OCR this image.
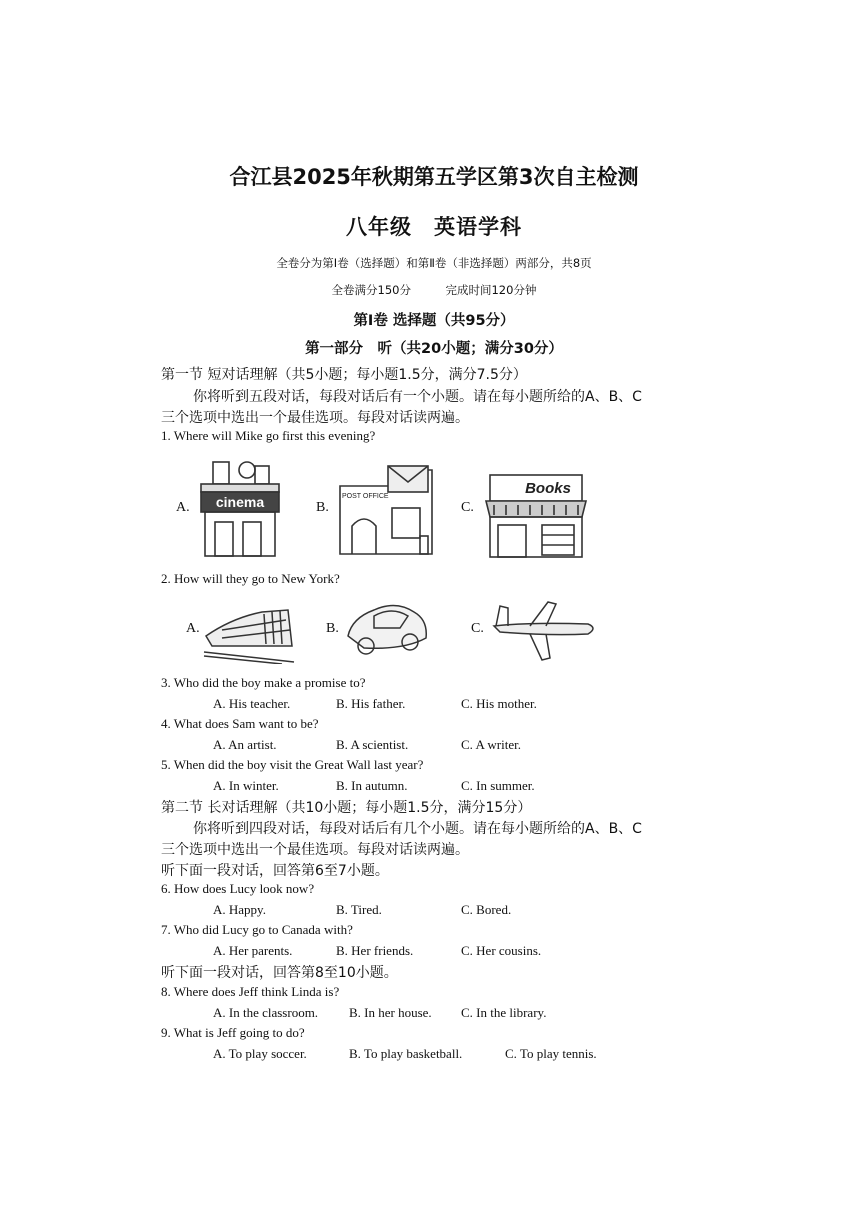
合江县2025年秋期第五学区第3次自主检测
八年级　英语学科
全卷分为第Ⅰ卷（选择题）和第Ⅱ卷（非选择题）两部分，共8页
全卷满分150分　　　完成时间120分钟
第Ⅰ卷 选择题（共95分）
第一部分　听（共20小题；满分30分）
第一节 短对话理解（共5小题；每小题1.5分，满分7.5分）
你将听到五段对话，每段对话后有一个小题。请在每小题所给的A、B、C
三个选项中选出一个最佳选项。每段对话读两遍。
1. Where will Mike go first this evening?
A.	B.	C.
cinema	POST OFFICE	Books
2. How will they go to New York?
A.	B.	C.
3. Who did the boy make a promise to?
A. His teacher.	B. His father.	C. His mother.
4. What does Sam want to be?
A. An artist.	B. A scientist.	C. A writer.
5. When did the boy visit the Great Wall last year?
A. In winter.	B. In autumn.	C. In summer.
第二节 长对话理解（共10小题；每小题1.5分，满分15分）
你将听到四段对话，每段对话后有几个小题。请在每小题所给的A、B、C
三个选项中选出一个最佳选项。每段对话读两遍。
听下面一段对话，回答第6至7小题。
6. How does Lucy look now?
A. Happy.	B. Tired.	C. Bored.
7. Who did Lucy go to Canada with?
A. Her parents.	B. Her friends.	C. Her cousins.
听下面一段对话，回答第8至10小题。
8. Where does Jeff think Linda is?
A. In the classroom. B. In her house. C. In the library.
9. What is Jeff going to do?
A. To play soccer.	B. To play basketball.	C. To play tennis.
